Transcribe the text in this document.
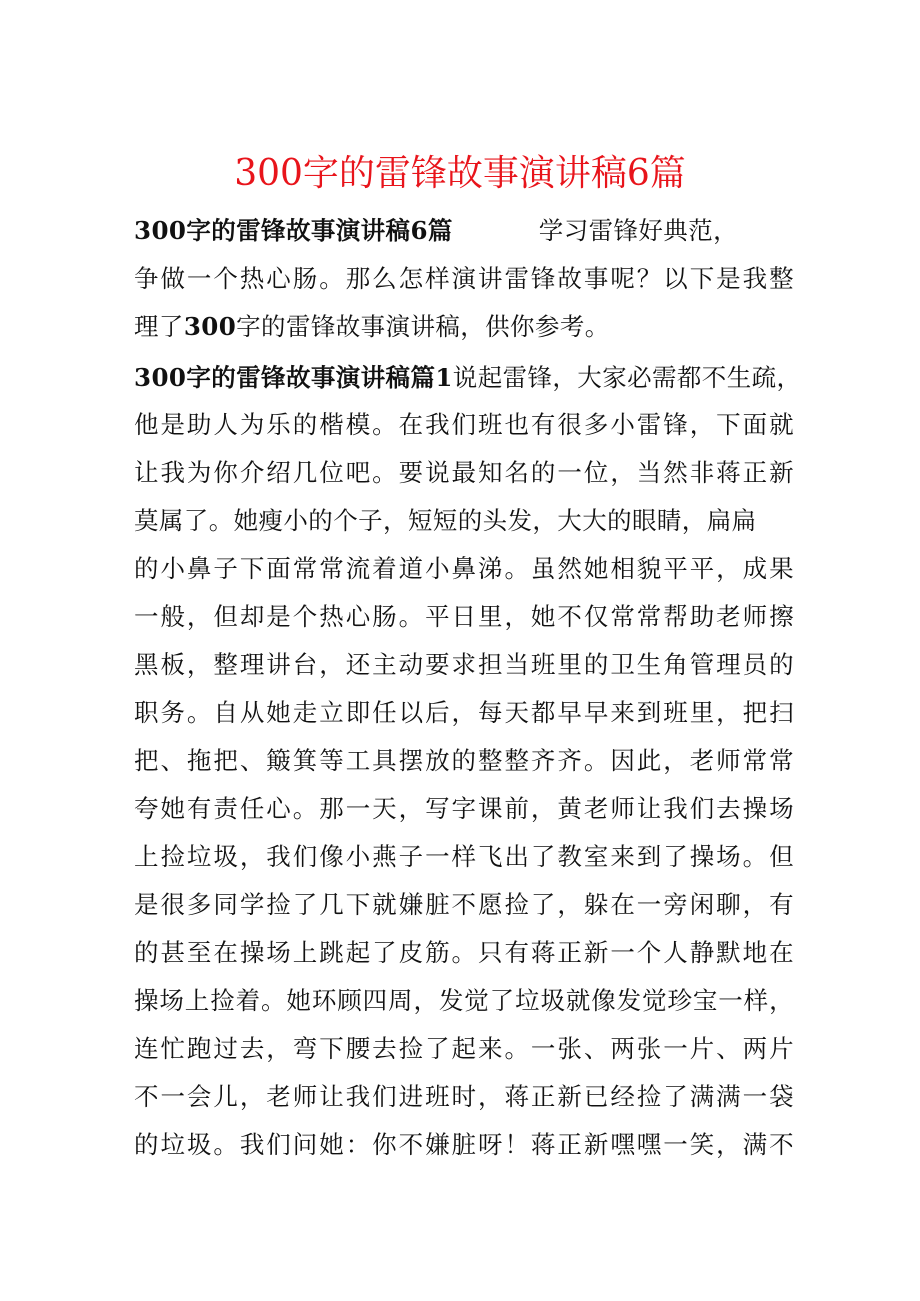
300字的雷锋故事演讲稿6篇
300字的雷锋故事演讲稿6篇	学习雷锋好典范，
争做一个热心肠。那么怎样演讲雷锋故事呢？以下是我整
理了300字的雷锋故事演讲稿，供你参考。
300字的雷锋故事演讲稿篇1说起雷锋，大家必需都不生疏，
他是助人为乐的楷模。在我们班也有很多小雷锋，下面就
让我为你介绍几位吧。要说最知名的一位，当然非蒋正新
莫属了。她瘦小的个子，短短的头发，大大的眼睛，扁扁
的小鼻子下面常常流着道小鼻涕。虽然她相貌平平，成果
一般，但却是个热心肠。平日里，她不仅常常帮助老师擦
黑板，整理讲台，还主动要求担当班里的卫生角管理员的
职务。自从她走立即任以后，每天都早早来到班里，把扫
把、拖把、簸箕等工具摆放的整整齐齐。因此，老师常常
夸她有责任心。那一天，写字课前，黄老师让我们去操场
上捡垃圾，我们像小燕子一样飞出了教室来到了操场。但
是很多同学捡了几下就嫌脏不愿捡了，躲在一旁闲聊，有
的甚至在操场上跳起了皮筋。只有蒋正新一个人静默地在
操场上捡着。她环顾四周，发觉了垃圾就像发觉珍宝一样，
连忙跑过去，弯下腰去捡了起来。一张、两张一片、两片
不一会儿，老师让我们进班时，蒋正新已经捡了满满一袋
的垃圾。我们问她：你不嫌脏呀！蒋正新嘿嘿一笑，满不
